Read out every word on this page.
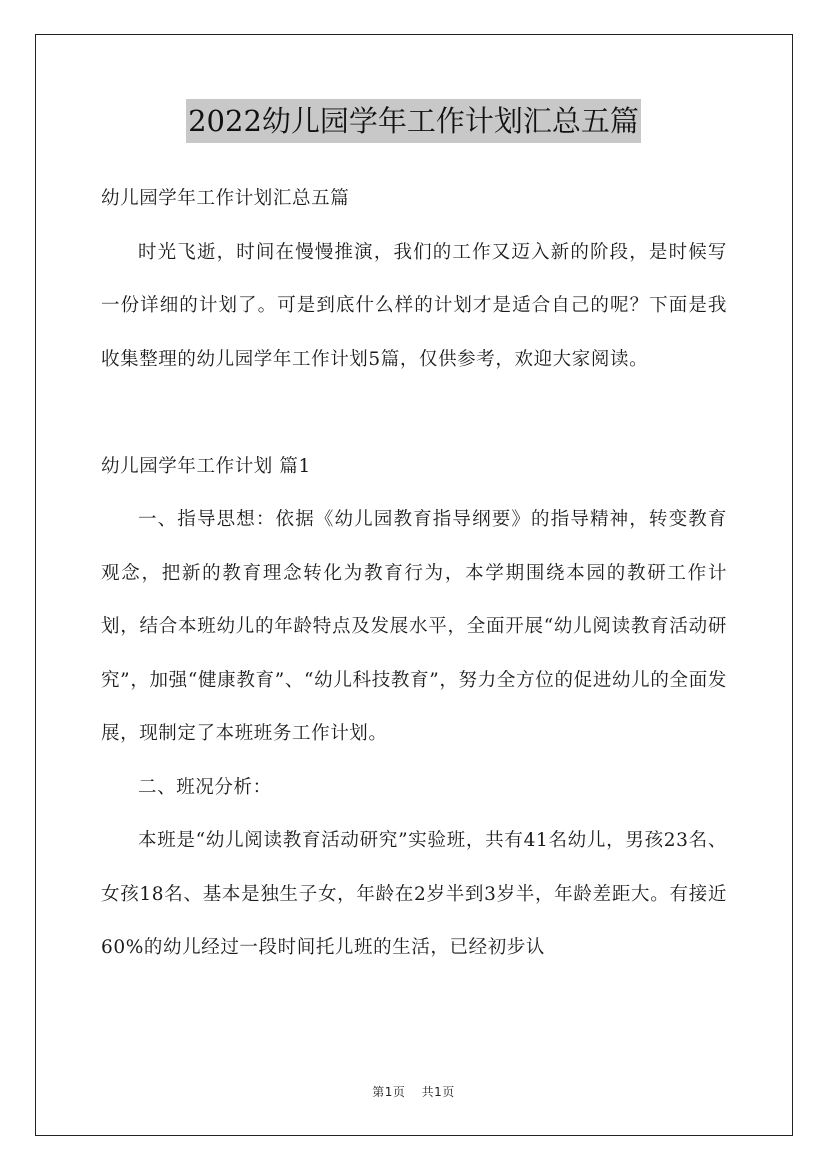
2022幼儿园学年工作计划汇总五篇

幼儿园学年工作计划汇总五篇

时光飞逝，时间在慢慢推演，我们的工作又迈入新的阶段，是时候写一份详细的计划了。可是到底什么样的计划才是适合自己的呢？下面是我收集整理的幼儿园学年工作计划5篇，仅供参考，欢迎大家阅读。

幼儿园学年工作计划 篇1

一、指导思想：依据《幼儿园教育指导纲要》的指导精神，转变教育观念，把新的教育理念转化为教育行为，本学期围绕本园的教研工作计划，结合本班幼儿的年龄特点及发展水平，全面开展“幼儿阅读教育活动研究”，加强“健康教育”、“幼儿科技教育”，努力全方位的促进幼儿的全面发展，现制定了本班班务工作计划。

二、班况分析：

本班是“幼儿阅读教育活动研究”实验班，共有41名幼儿，男孩23名、女孩18名、基本是独生子女，年龄在2岁半到3岁半，年龄差距大。有接近60%的幼儿经过一段时间托儿班的生活，已经初步认

第1页 共1页
